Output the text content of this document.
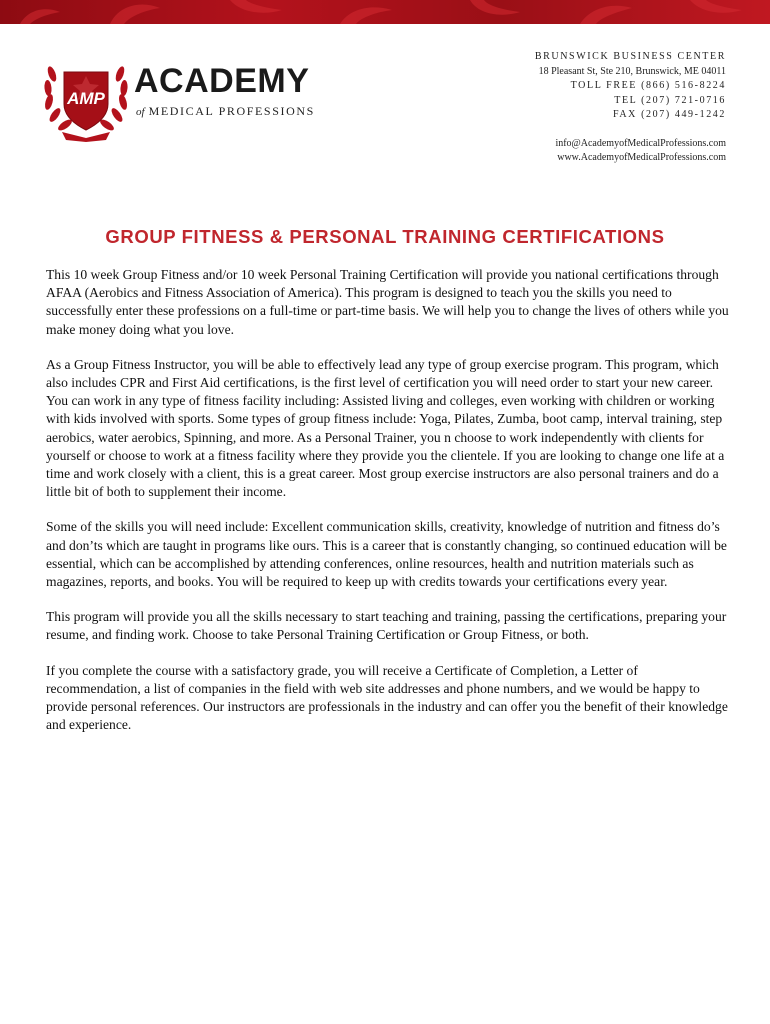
AMP ACADEMY
of MEDICAL PROFESSIONS
BRUNSWICK BUSINESS CENTER
18 Pleasant St, Ste 210, Brunswick, ME 04011
TOLL FREE (866) 516-8224
TEL (207) 721-0716
FAX (207) 449-1242
info@AcademyofMedicalProfessions.com
www.AcademyofMedicalProfessions.com
GROUP FITNESS & PERSONAL TRAINING CERTIFICATIONS

This 10 week Group Fitness and/or 10 week Personal Training Certification will provide you national certifications through AFAA (Aerobics and Fitness Association of America). This program is designed to teach you the skills you need to successfully enter these professions on a full-time or part-time basis. We will help you to change the lives of others while you make money doing what you love.

As a Group Fitness Instructor, you will be able to effectively lead any type of group exercise program. This program, which also includes CPR and First Aid certifications, is the first level of certification you will need order to start your new career. You can work in any type of fitness facility including: Assisted living and colleges, even working with children or working with kids involved with sports. Some types of group fitness include: Yoga, Pilates, Zumba, boot camp, interval training, step aerobics, water aerobics, Spinning, and more. As a Personal Trainer, you n choose to work independently with clients for yourself or choose to work at a fitness facility where they provide you the clientele. If you are looking to change one life at a time and work closely with a client, this is a great career. Most group exercise instructors are also personal trainers and do a little bit of both to supplement their income.

Some of the skills you will need include: Excellent communication skills, creativity, knowledge of nutrition and fitness do’s and don’ts which are taught in programs like ours. This is a career that is constantly changing, so continued education will be essential, which can be accomplished by attending conferences, online resources, health and nutrition materials such as magazines, reports, and books. You will be required to keep up with credits towards your certifications every year.

This program will provide you all the skills necessary to start teaching and training, passing the certifications, preparing your resume, and finding work. Choose to take Personal Training Certification or Group Fitness, or both.

If you complete the course with a satisfactory grade, you will receive a Certificate of Completion, a Letter of recommendation, a list of companies in the field with web site addresses and phone numbers, and we would be happy to provide personal references. Our instructors are professionals in the industry and can offer you the benefit of their knowledge and experience.
